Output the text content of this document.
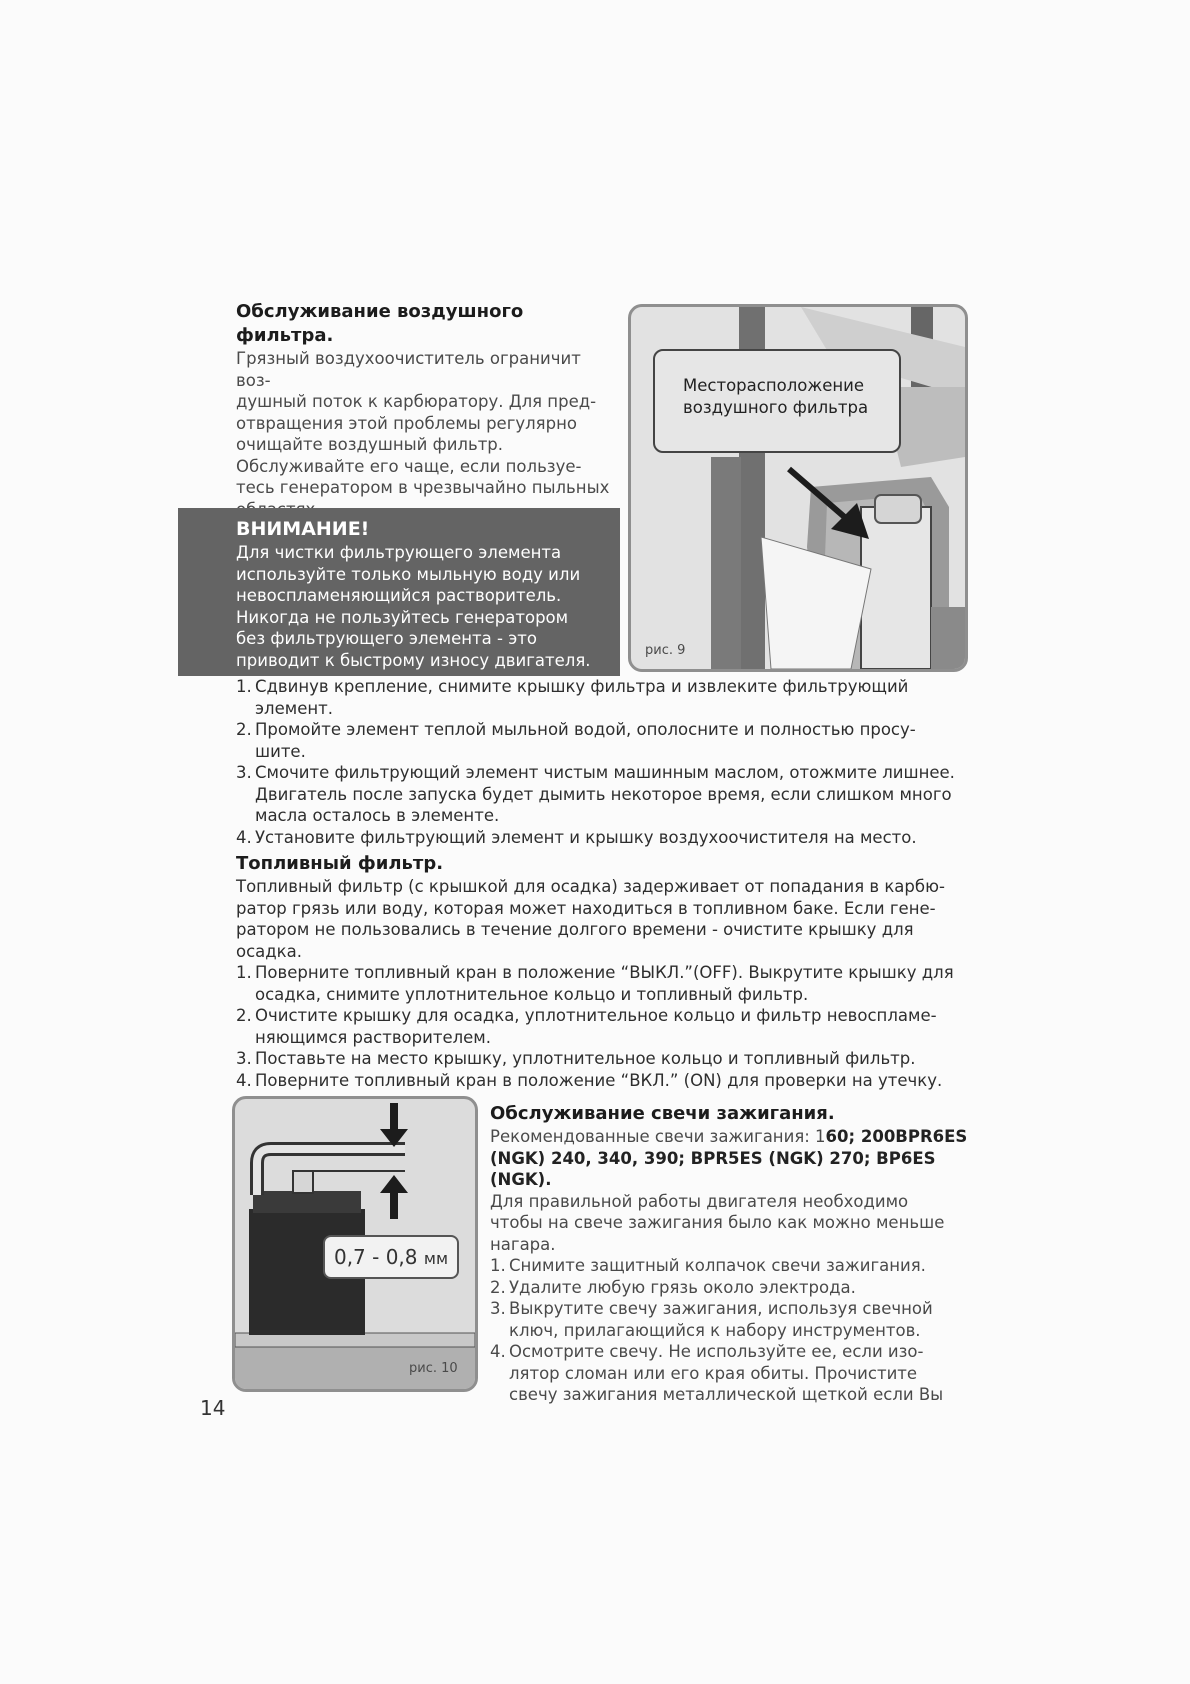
Обслуживание воздушного
фильтра.
Грязный воздухоочиститель ограничит воз-
душный поток к карбюратору. Для пред-
отвращения этой проблемы регулярно
очищайте воздушный фильтр.
Обслуживайте его чаще, если пользуе-
тесь генератором в чрезвычайно пыльных
ВНИМАНИЕ!
Для чистки фильтрующего элемента
используйте только мыльную воду или
невоспламеняющийся растворитель.
Никогда не пользуйтесь генератором
без фильтрующего элемента - это
приводит к быстрому износу двигателя.
Месторасположение
воздушного фильтра
рис. 9
1. Сдвинув крепление, снимите крышку фильтра и извлеките фильтрующий элемент.
2. Промойте элемент теплой мыльной водой, ополосните и полностью просу-шите.
3. Смочите фильтрующий элемент чистым машинным маслом, отожмите лишнее. Двигатель после запуска будет дымить некоторое время, если слишком много масла осталось в элементе.
4. Установите фильтрующий элемент и крышку воздухоочистителя на место.
Топливный фильтр.
Топливный фильтр (с крышкой для осадка) задерживает от попадания в карбю-ратор грязь или воду, которая может находиться в топливном баке. Если гене-ратором не пользовались в течение долгого времени - очистите крышку для осадка.
1. Поверните топливный кран в положение “ВЫКЛ.”(OFF). Выкрутите крышку для осадка, снимите уплотнительное кольцо и топливный фильтр.
2. Очистите крышку для осадка, уплотнительное кольцо и фильтр невоспламе-няющимся растворителем.
3. Поставьте на место крышку, уплотнительное кольцо и топливный фильтр.
4. Поверните топливный кран в положение “ВКЛ.” (ON) для проверки на утечку.
0,7 - 0,8 мм
рис. 10
Обслуживание свечи зажигания.
Рекомендованные свечи зажигания: 160; 200BPR6ES
(NGK) 240, 340, 390; BPR5ES (NGK) 270; BP6ES (NGK).
Для правильной работы двигателя необходимо
чтобы на свече зажигания было как можно меньше
нагара.
1. Снимите защитный колпачок свечи зажигания.
2. Удалите любую грязь около электрода.
3. Выкрутите свечу зажигания, используя свечной ключ, прилагающийся к набору инструментов.
4. Осмотрите свечу. Не используйте ее, если изо-лятор сломан или его края обиты. Прочистите свечу зажигания металлической щеткой если Вы
14
